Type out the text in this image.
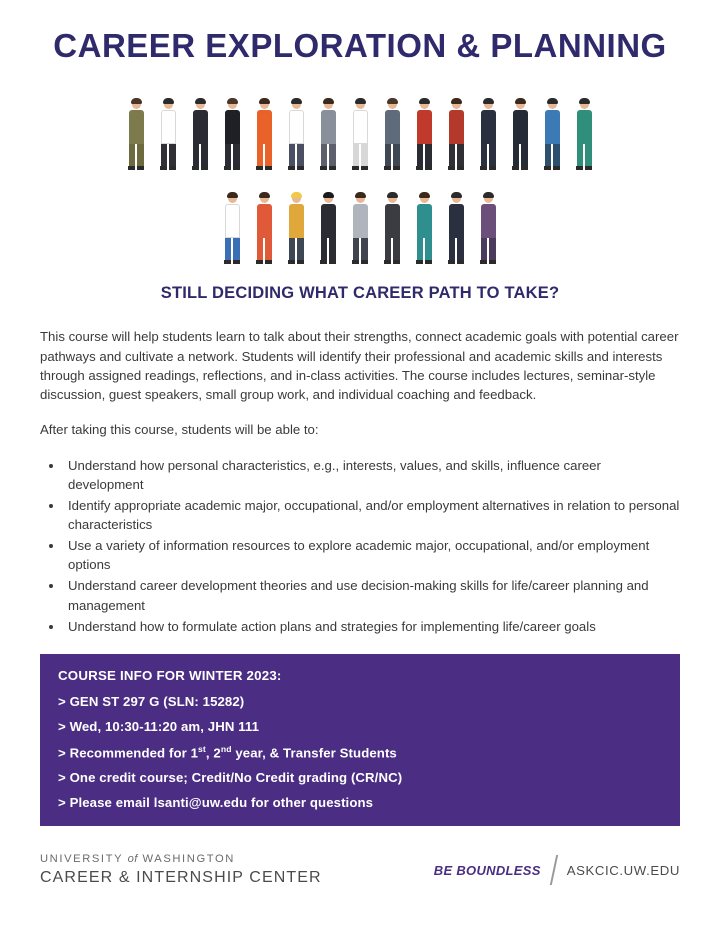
CAREER EXPLORATION & PLANNING
STILL DECIDING WHAT CAREER PATH TO TAKE?

This course will help students learn to talk about their strengths, connect academic goals with potential career pathways and cultivate a network. Students will identify their professional and academic skills and interests through assigned readings, reflections, and in-class activities. The course includes lectures, seminar-style discussion, guest speakers, small group work, and individual coaching and feedback.

After taking this course, students will be able to:

• Understand how personal characteristics, e.g., interests, values, and skills, influence career development
• Identify appropriate academic major, occupational, and/or employment alternatives in relation to personal characteristics
• Use a variety of information resources to explore academic major, occupational, and/or employment options
• Understand career development theories and use decision-making skills for life/career planning and management
• Understand how to formulate action plans and strategies for implementing life/career goals
COURSE INFO FOR WINTER 2023:
> GEN ST 297 G (SLN: 15282)
> Wed, 10:30-11:20 am, JHN 111
> Recommended for 1st, 2nd year, & Transfer Students
> One credit course; Credit/No Credit grading (CR/NC)
> Please email lsanti@uw.edu for other questions
UNIVERSITY of WASHINGTON
CAREER & INTERNSHIP CENTER	BE BOUNDLESS ASKCIC.UW.EDU
